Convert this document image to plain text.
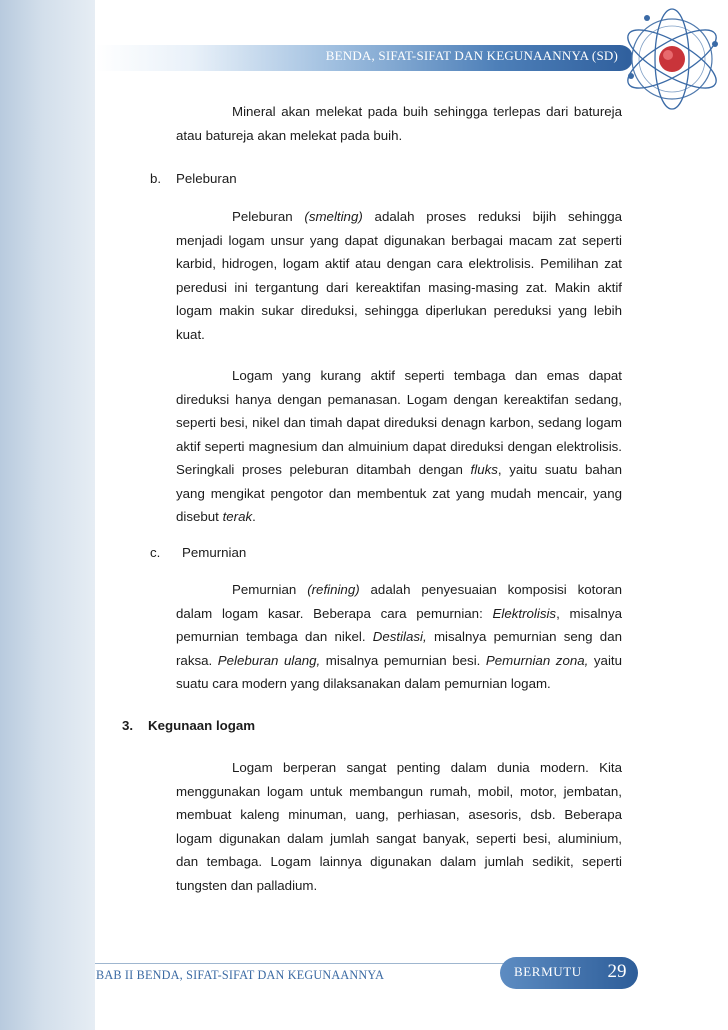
BENDA, SIFAT-SIFAT DAN KEGUNAANNYA (SD)

Mineral akan melekat pada buih sehingga terlepas dari batureja atau batureja akan melekat pada buih.

b. Peleburan

Peleburan (smelting) adalah proses reduksi bijih sehingga menjadi logam unsur yang dapat digunakan berbagai macam zat seperti karbid, hidrogen, logam aktif atau dengan cara elektrolisis. Pemilihan zat peredusi ini tergantung dari kereaktifan masing-masing zat. Makin aktif logam makin sukar direduksi, sehingga diperlukan pereduksi yang lebih kuat.

Logam yang kurang aktif seperti tembaga dan emas dapat direduksi hanya dengan pemanasan. Logam dengan kereaktifan sedang, seperti besi, nikel dan timah dapat direduksi denagn karbon, sedang logam aktif seperti magnesium dan almuinium dapat direduksi dengan elektrolisis. Seringkali proses peleburan ditambah dengan fluks, yaitu suatu bahan yang mengikat pengotor dan membentuk zat yang mudah mencair, yang disebut terak.

c. Pemurnian

Pemurnian (refining) adalah penyesuaian komposisi kotoran dalam logam kasar. Beberapa cara pemurnian: Elektrolisis, misalnya pemurnian tembaga dan nikel. Destilasi, misalnya pemurnian seng dan raksa. Peleburan ulang, misalnya pemurnian besi. Pemurnian zona, yaitu suatu cara modern yang dilaksanakan dalam pemurnian logam.

3. Kegunaan logam

Logam berperan sangat penting dalam dunia modern. Kita menggunakan logam untuk membangun rumah, mobil, motor, jembatan, membuat kaleng minuman, uang, perhiasan, asesoris, dsb. Beberapa logam digunakan dalam jumlah sangat banyak, seperti besi, aluminium, dan tembaga. Logam lainnya digunakan dalam jumlah sedikit, seperti tungsten dan palladium.

BAB II BENDA, SIFAT-SIFAT DAN KEGUNAANNYA	BERMUTU	29
